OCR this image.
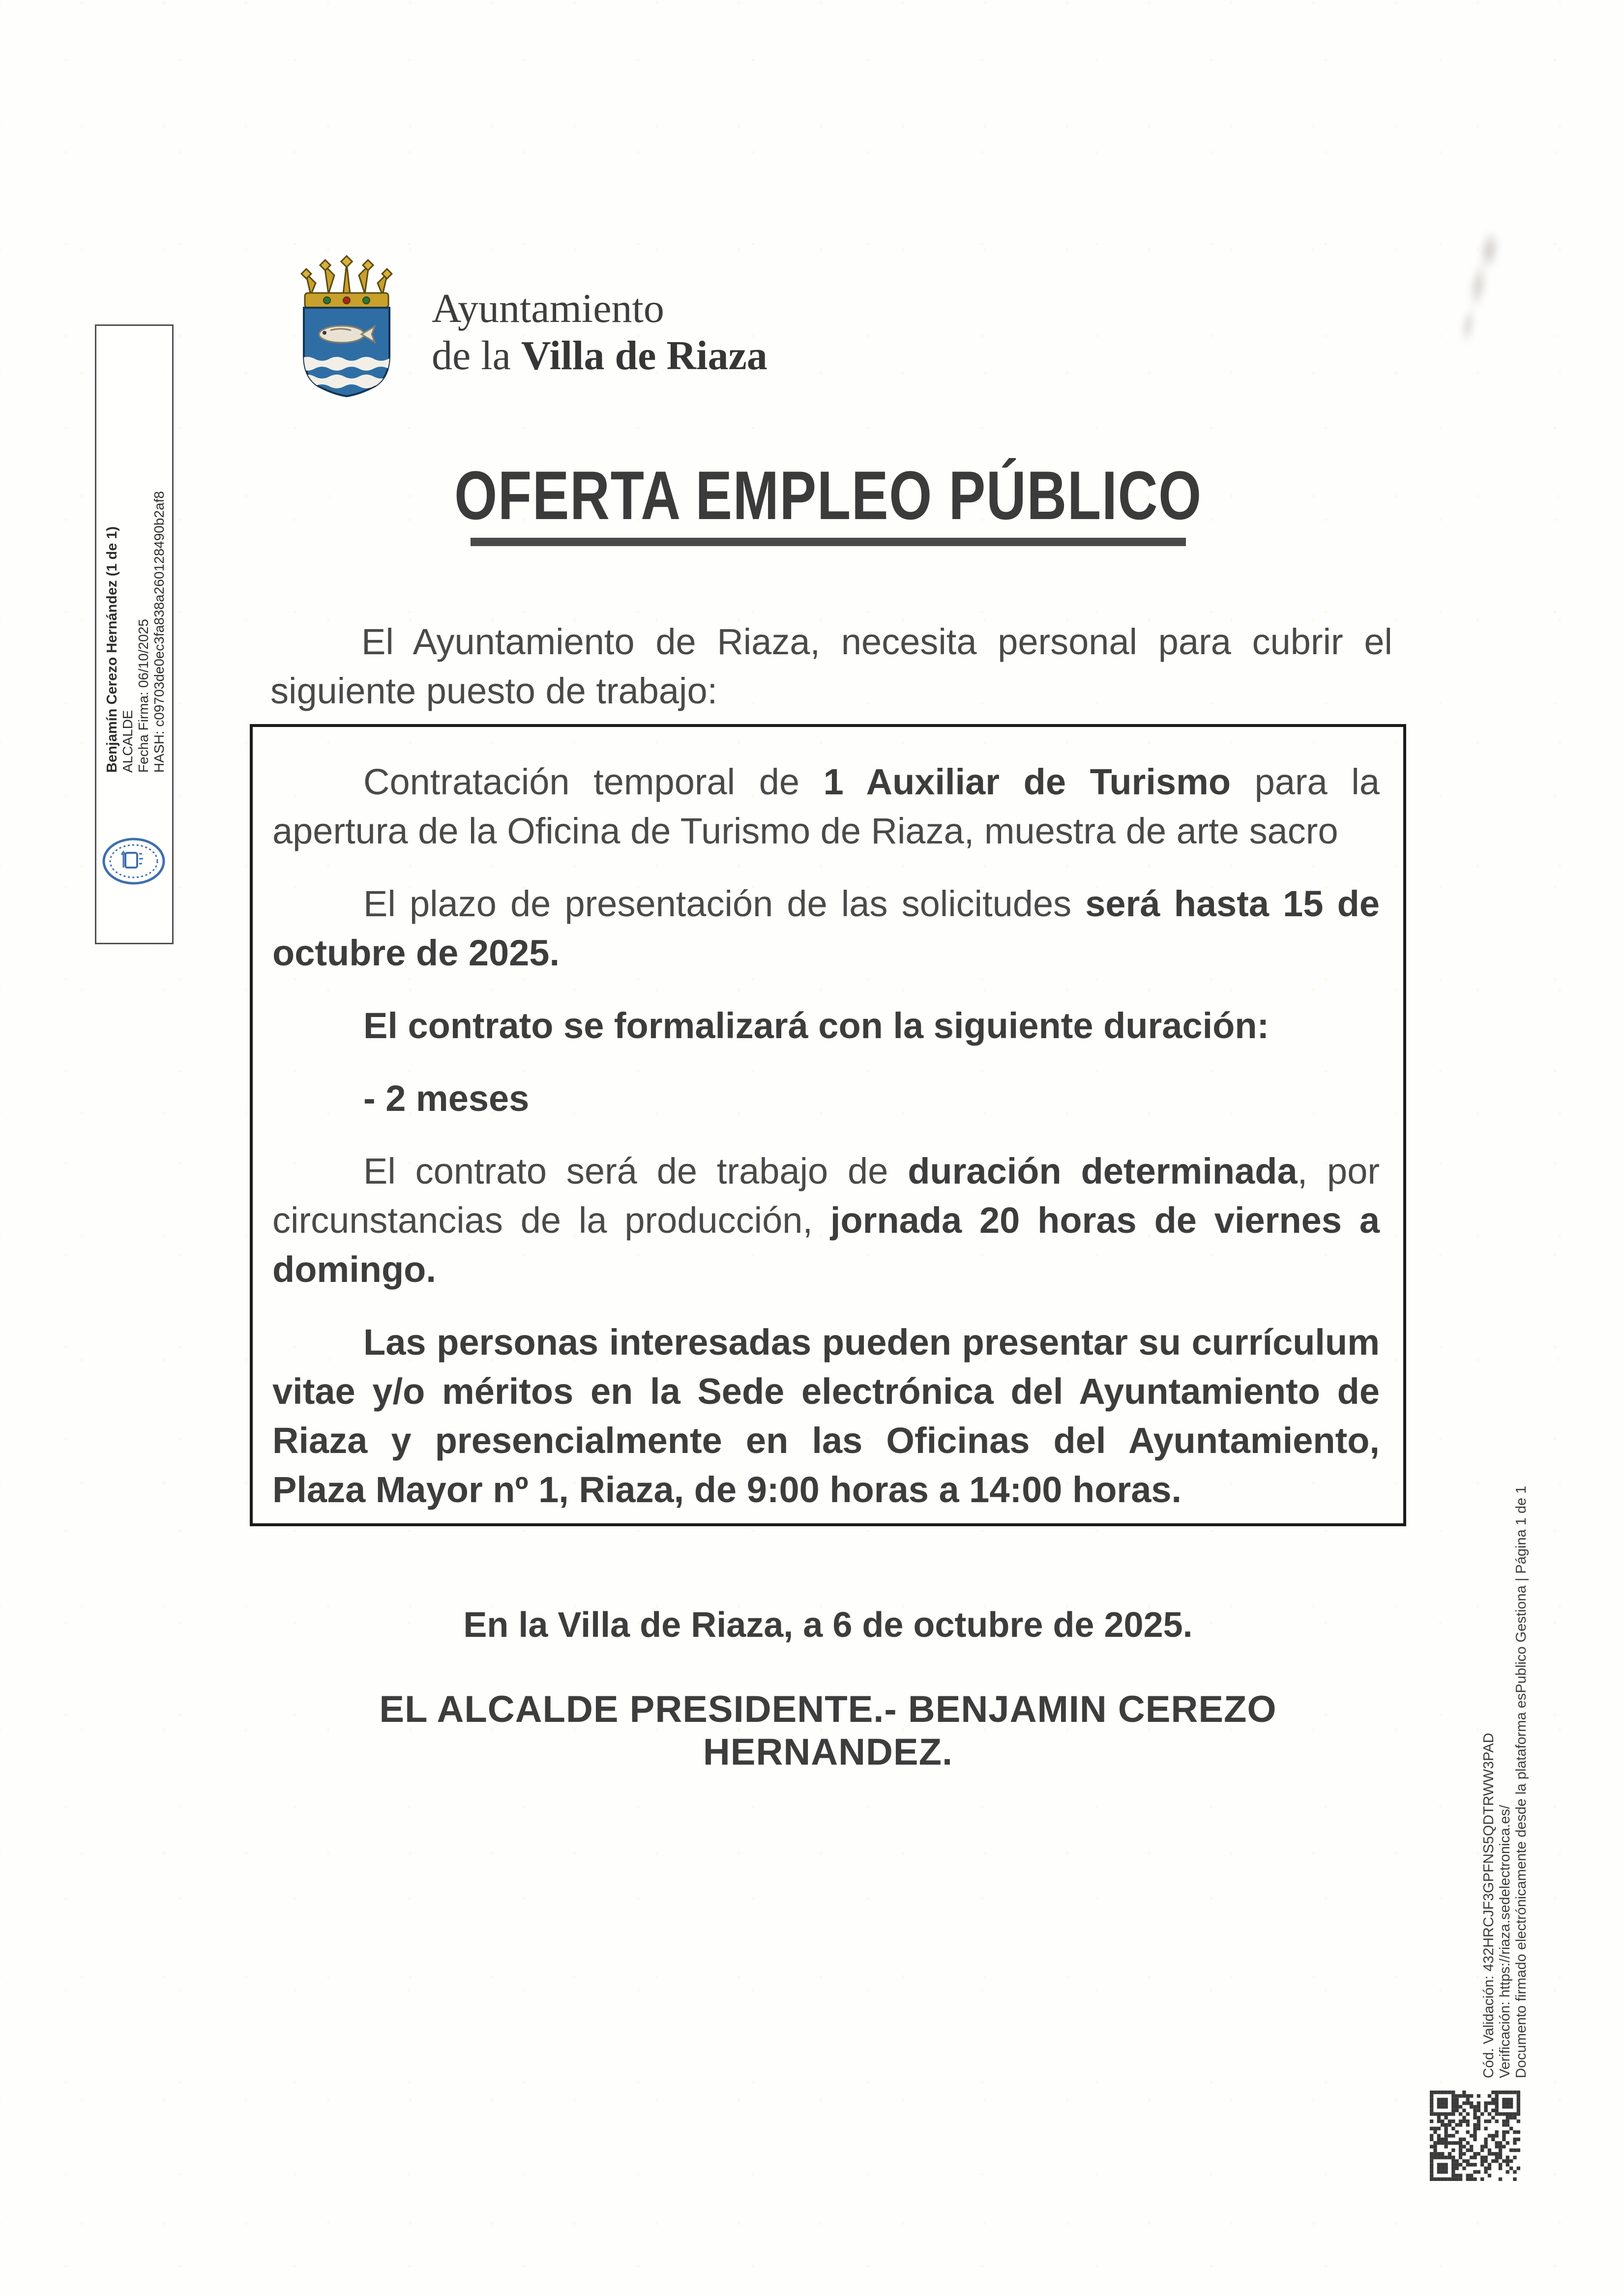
Ayuntamiento
de la Villa de Riaza
OFERTA EMPLEO PÚBLICO

El Ayuntamiento de Riaza, necesita personal para cubrir el siguiente puesto de trabajo:

Contratación temporal de 1 Auxiliar de Turismo para la apertura de la Oficina de Turismo de Riaza, muestra de arte sacro

El plazo de presentación de las solicitudes será hasta 15 de octubre de 2025.

El contrato se formalizará con la siguiente duración:

- 2 meses

El contrato será de trabajo de duración determinada, por circunstancias de la producción, jornada 20 horas de viernes a domingo.

Las personas interesadas pueden presentar su currículum vitae y/o méritos en la Sede electrónica del Ayuntamiento de Riaza y presencialmente en las Oficinas del Ayuntamiento, Plaza Mayor nº 1, Riaza, de 9:00 horas a 14:00 horas.

En la Villa de Riaza, a 6 de octubre de 2025.

EL ALCALDE PRESIDENTE.- BENJAMIN CEREZO HERNANDEZ.

Benjamín Cerezo Hernández (1 de 1) ALCALDE Fecha Firma: 06/10/2025 HASH: c09703de0ec3fa838a260128490b2af8
Cód. Validación: 432HRCJF3GPFNS5QDTRWW3PAD Verificación: https://riaza.sedelectronica.es/ Documento firmado electrónicamente desde la plataforma esPublico Gestiona | Página 1 de 1
